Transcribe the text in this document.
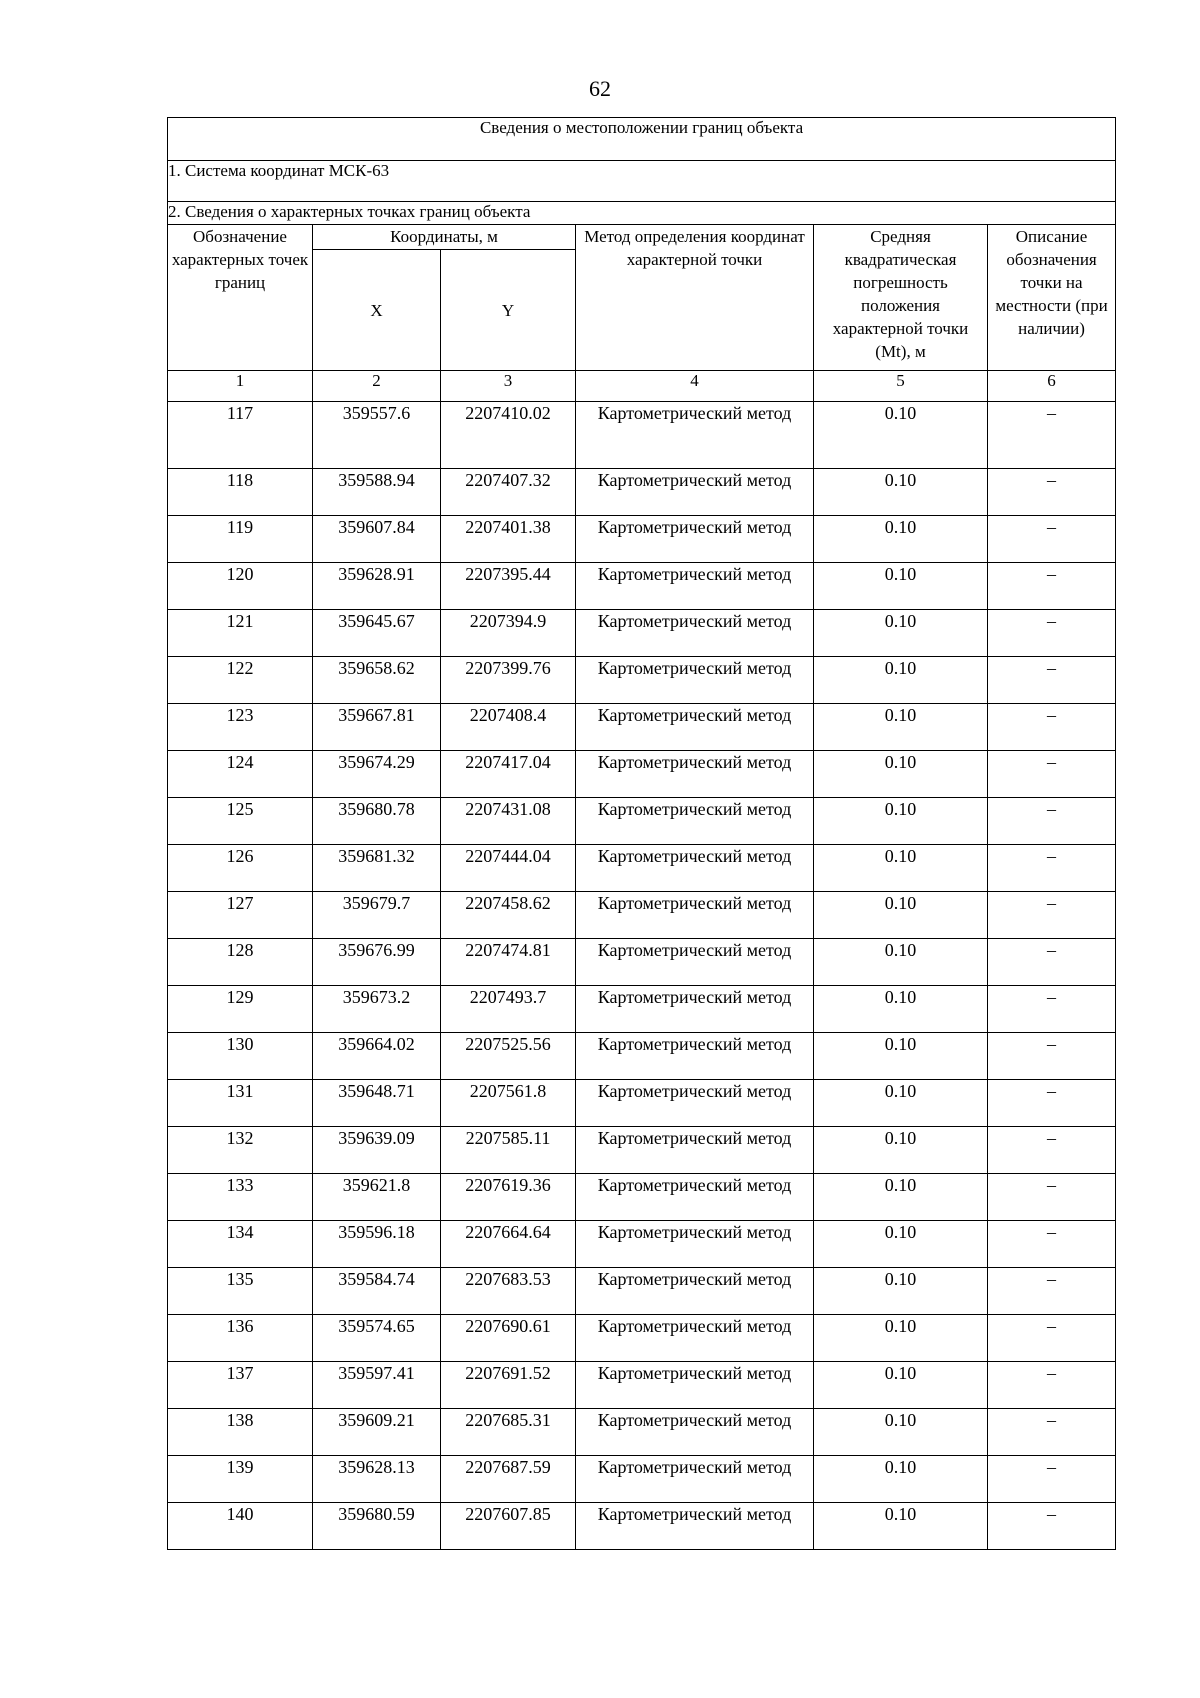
62
Сведения о местоположении границ объекта					
1. Система координат МСК-63					
2. Сведения о характерных точках границ объекта					
Обозначение характерных точек границ	Координаты, м		Метод определения координат характерной точки	Средняя квадратическая погрешность положения характерной точки (Mt), м	Описание обозначения точки на местности (при наличии)
	X	Y			
1	2	3	4	5	6
117	359557.6	2207410.02	Картометрический метод	0.10	–
118	359588.94	2207407.32	Картометрический метод	0.10	–
119	359607.84	2207401.38	Картометрический метод	0.10	–
120	359628.91	2207395.44	Картометрический метод	0.10	–
121	359645.67	2207394.9	Картометрический метод	0.10	–
122	359658.62	2207399.76	Картометрический метод	0.10	–
123	359667.81	2207408.4	Картометрический метод	0.10	–
124	359674.29	2207417.04	Картометрический метод	0.10	–
125	359680.78	2207431.08	Картометрический метод	0.10	–
126	359681.32	2207444.04	Картометрический метод	0.10	–
127	359679.7	2207458.62	Картометрический метод	0.10	–
128	359676.99	2207474.81	Картометрический метод	0.10	–
129	359673.2	2207493.7	Картометрический метод	0.10	–
130	359664.02	2207525.56	Картометрический метод	0.10	–
131	359648.71	2207561.8	Картометрический метод	0.10	–
132	359639.09	2207585.11	Картометрический метод	0.10	–
133	359621.8	2207619.36	Картометрический метод	0.10	–
134	359596.18	2207664.64	Картометрический метод	0.10	–
135	359584.74	2207683.53	Картометрический метод	0.10	–
136	359574.65	2207690.61	Картометрический метод	0.10	–
137	359597.41	2207691.52	Картометрический метод	0.10	–
138	359609.21	2207685.31	Картометрический метод	0.10	–
139	359628.13	2207687.59	Картометрический метод	0.10	–
140	359680.59	2207607.85	Картометрический метод	0.10	–
